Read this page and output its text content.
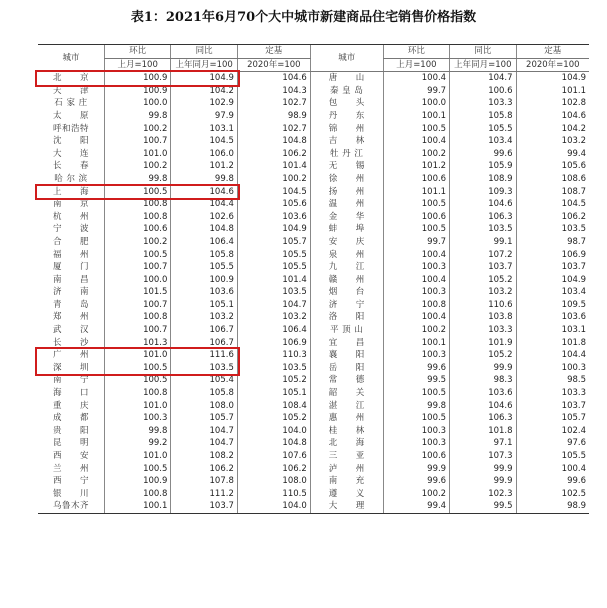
表1：2021年6月70个大中城市新建商品住宅销售价格指数
城市	环比	同比	定基	城市	环比	同比	定基
	上月=100	上年同月=100	2020年=100		上月=100	上年同月=100	2020年=100
北　　京	100.9	104.9	104.6	唐　　山	100.4	104.7	104.9
天　　津	100.9	104.2	104.3	秦 皇 岛	99.7	100.6	101.1
石 家 庄	100.0	102.9	102.7	包　　头	100.0	103.3	102.8
太　　原	99.8	97.9	98.9	丹　　东	100.1	105.8	104.6
呼和浩特	100.2	103.1	102.7	锦　　州	100.5	105.5	104.2
沈　　阳	100.7	104.5	104.8	吉　　林	100.4	103.4	103.2
大　　连	101.0	106.0	106.2	牡 丹 江	100.2	99.6	99.4
长　　春	100.2	101.2	101.4	无　　锡	101.2	105.9	105.6
哈 尔 滨	99.8	99.8	100.2	徐　　州	100.6	108.9	108.6
上　　海	100.5	104.6	104.5	扬　　州	101.1	109.3	108.7
南　　京	100.8	104.4	105.6	温　　州	100.5	104.6	104.5
杭　　州	100.8	102.6	103.6	金　　华	100.6	106.3	106.2
宁　　波	100.6	104.8	104.9	蚌　　埠	100.5	103.5	103.5
合　　肥	100.2	106.4	105.7	安　　庆	99.7	99.1	98.7
福　　州	100.5	105.8	105.5	泉　　州	100.4	107.2	106.9
厦　　门	100.7	105.5	105.5	九　　江	100.3	103.7	103.7
南　　昌	100.0	100.9	101.4	赣　　州	100.4	105.2	104.9
济　　南	101.5	103.6	103.5	烟　　台	100.3	103.2	103.4
青　　岛	100.7	105.1	104.7	济　　宁	100.8	110.6	109.5
郑　　州	100.8	103.2	103.2	洛　　阳	100.4	103.8	103.6
武　　汉	100.7	106.7	106.4	平 顶 山	100.2	103.3	103.1
长　　沙	101.3	106.7	106.9	宜　　昌	100.1	101.9	101.8
广　　州	101.0	111.6	110.3	襄　　阳	100.3	105.2	104.4
深　　圳	100.5	103.5	103.5	岳　　阳	99.6	99.9	100.3
南　　宁	100.5	105.4	105.2	常　　德	99.5	98.3	98.5
海　　口	100.8	105.8	105.1	韶　　关	100.5	103.6	103.3
重　　庆	101.0	108.0	108.4	湛　　江	99.8	104.6	103.7
成　　都	100.3	105.7	105.2	惠　　州	100.5	106.3	105.7
贵　　阳	99.8	104.7	104.0	桂　　林	100.3	101.8	102.4
昆　　明	99.2	104.7	104.8	北　　海	100.3	97.1	97.6
西　　安	101.0	108.2	107.6	三　　亚	100.6	107.3	105.5
兰　　州	100.5	106.2	106.2	泸　　州	99.9	99.9	100.4
西　　宁	100.9	107.8	108.0	南　　充	99.6	99.9	99.6
银　　川	100.8	111.2	110.5	遵　　义	100.2	102.3	102.5
乌鲁木齐	100.1	103.7	104.0	大　　理	99.4	99.5	98.9
